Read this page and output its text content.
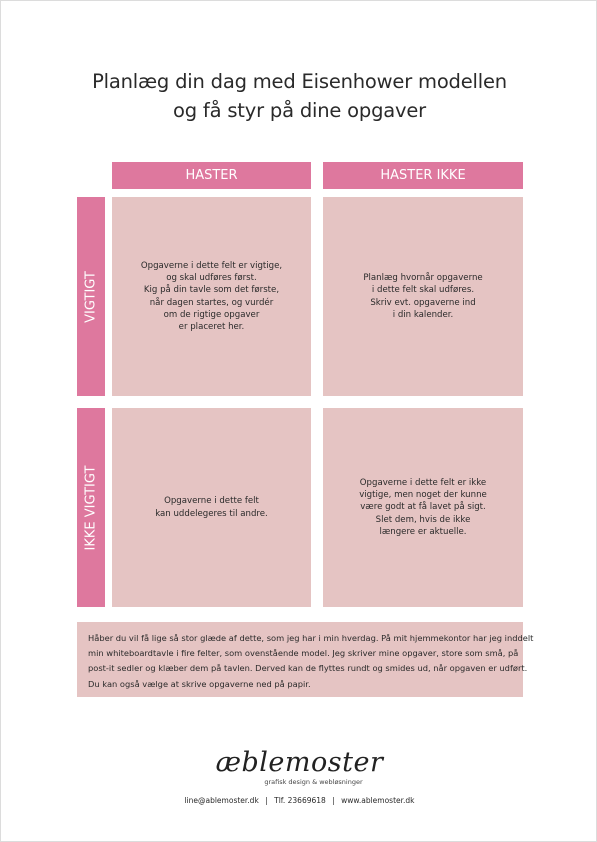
Planlæg din dag med Eisenhower modellen
og få styr på dine opgaver
HASTER	HASTER IKKE
VIGTIGT
IKKE VIGTIGT
Opgaverne i dette felt er vigtige,
og skal udføres først.
Kig på din tavle som det første,
når dagen startes, og vurdér
om de rigtige opgaver
er placeret her.
Planlæg hvornår opgaverne
i dette felt skal udføres.
Skriv evt. opgaverne ind
i din kalender.
Opgaverne i dette felt
kan uddelegeres til andre.
Opgaverne i dette felt er ikke
vigtige, men noget der kunne
være godt at få lavet på sigt.
Slet dem, hvis de ikke
længere er aktuelle.
Håber du vil få lige så stor glæde af dette, som jeg har i min hverdag. På mit hjemmekontor har jeg inddelt
min whiteboardtavle i fire felter, som ovenstående model. Jeg skriver mine opgaver, store som små, på
post-it sedler og klæber dem på tavlen. Derved kan de flyttes rundt og smides ud, når opgaven er udført.
Du kan også vælge at skrive opgaverne ned på papir.
æblemoster
grafisk design & webløsninger
line@ablemoster.dk | Tlf. 23669618 | www.ablemoster.dk
